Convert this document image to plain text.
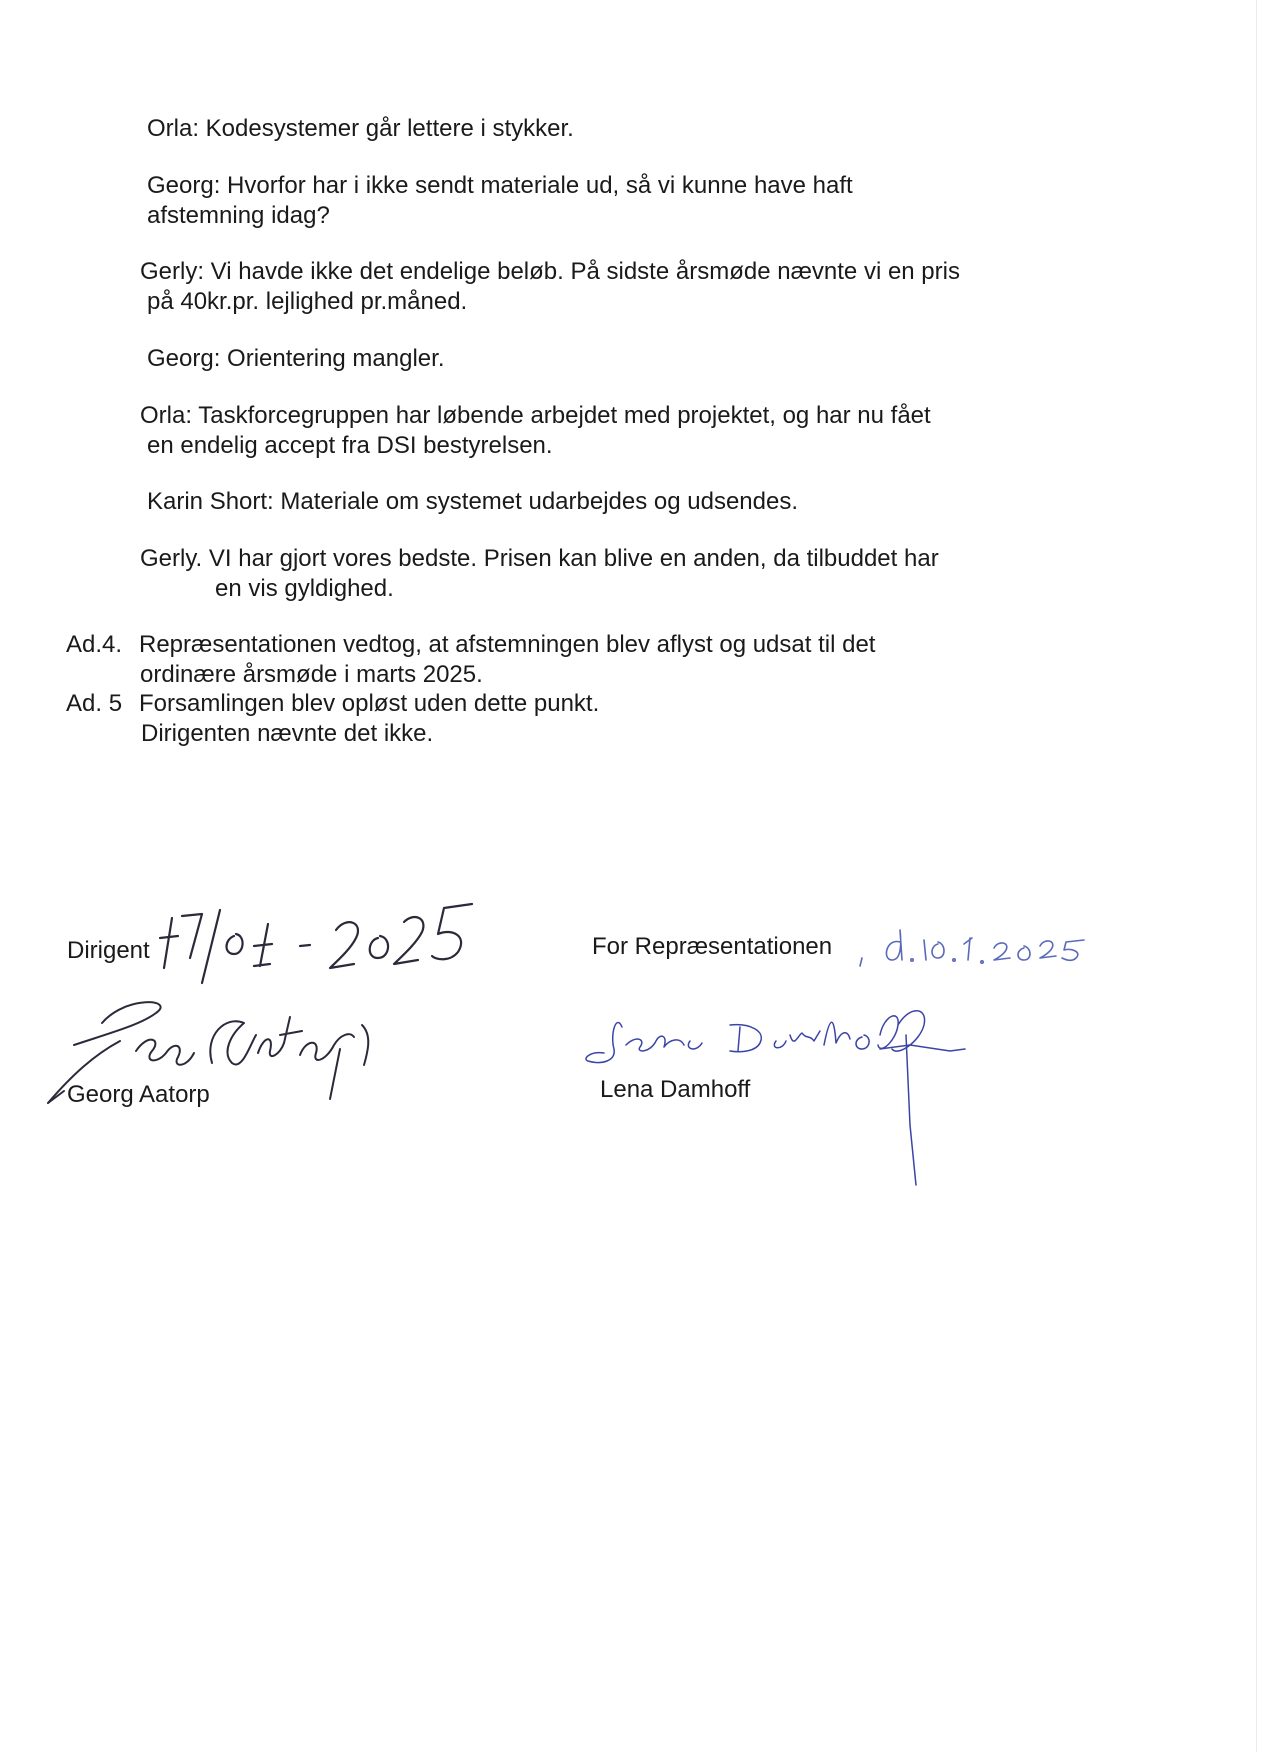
Orla: Kodesystemer går lettere i stykker.
Georg: Hvorfor har i ikke sendt materiale ud, så vi kunne have haft
afstemning idag?
Gerly: Vi havde ikke det endelige beløb. På sidste årsmøde nævnte vi en pris
på 40kr.pr. lejlighed pr.måned.
Georg: Orientering mangler.
Orla: Taskforcegruppen har løbende arbejdet med projektet, og har nu fået
en endelig accept fra DSI bestyrelsen.
Karin Short: Materiale om systemet udarbejdes og udsendes.
Gerly. VI har gjort vores bedste. Prisen kan blive en anden, da tilbuddet har
en vis gyldighed.
Ad.4. Repræsentationen vedtog, at afstemningen blev aflyst og udsat til det
ordinære årsmøde i marts 2025.
Ad. 5 Forsamlingen blev opløst uden dette punkt.
Dirigenten nævnte det ikke.
Dirigent
Georg Aatorp
For Repræsentationen
Lena Damhoff
